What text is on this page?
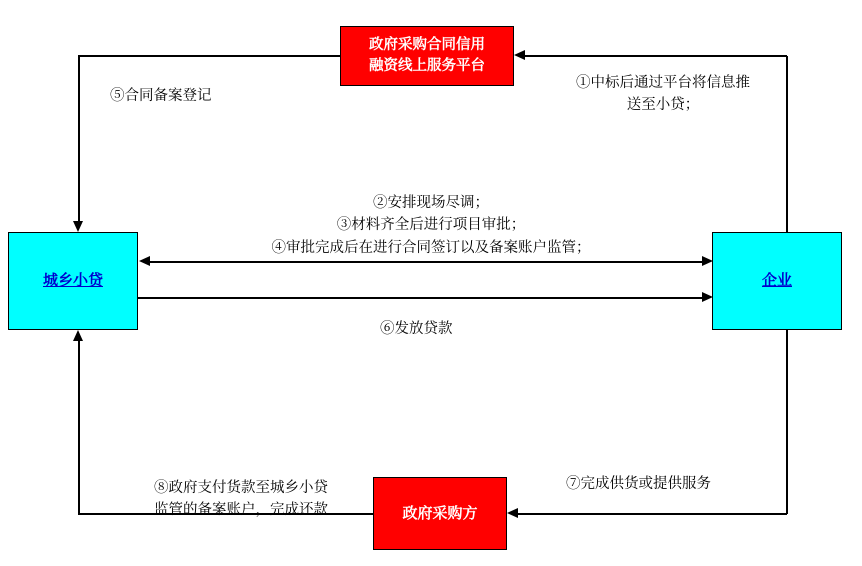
政府采购合同信用
融资线上服务平台
城乡小贷	企业
政府采购方
①中标后通过平台将信息推送至小贷；
⑤合同备案登记
②安排现场尽调；
③材料齐全后进行项目审批；
④审批完成后在进行合同签订以及备案账户监管；
⑥发放贷款
⑦完成供货或提供服务
⑧政府支付货款至城乡小贷
监管的备案账户，完成还款
